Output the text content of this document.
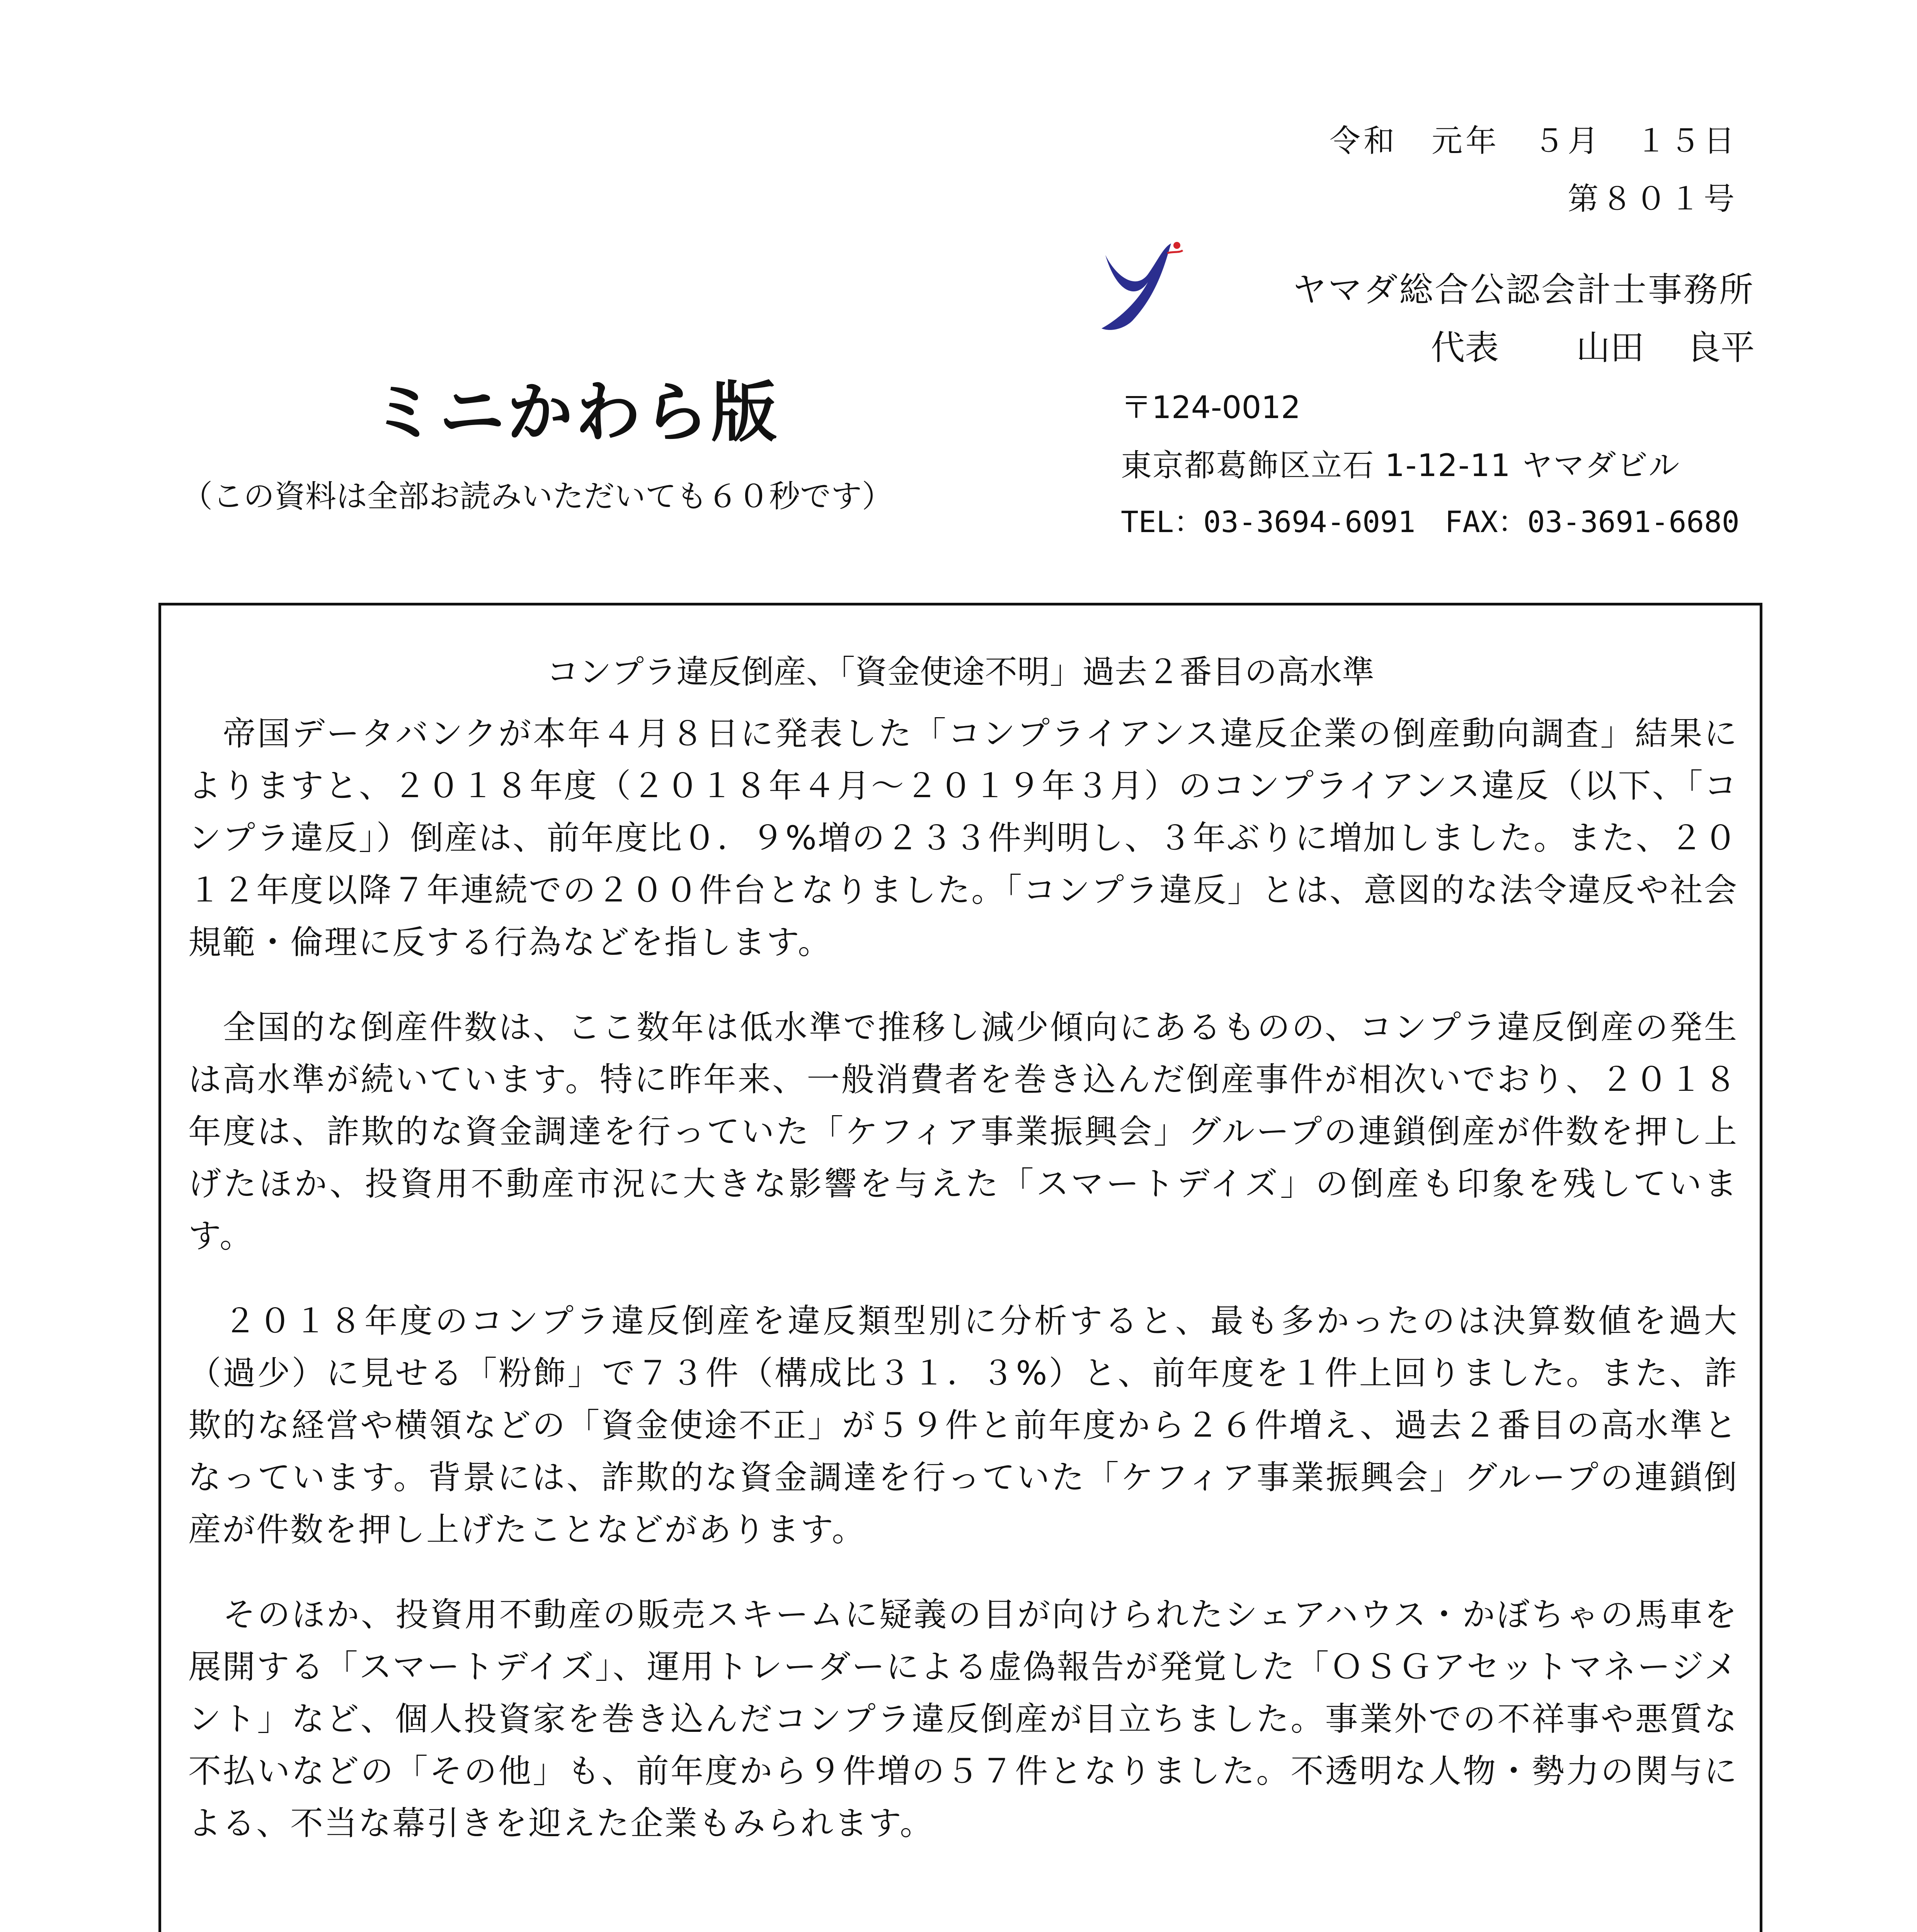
令和　元年　５月　１５日
第８０１号
ヤマダ総合公認会計士事務所
代表 山田 良平
ミニかわら版
（この資料は全部お読みいただいても６０秒です）
〒124-0012
東京都葛飾区立石 1-12-11 ヤマダビル
TEL：03-3694-6091　FAX：03-3691-6680
コンプラ違反倒産、「資金使途不明」過去２番目の高水準
　帝国データバンクが本年４月８日に発表した「コンプライアンス違反企業の倒産動向調査」結果によりますと、２０１８年度（２０１８年４月～２０１９年３月）のコンプライアンス違反（以下、「コンプラ違反」）倒産は、前年度比０．９%増の２３３件判明し、３年ぶりに増加しました。また、２０１２年度以降７年連続での２００件台となりました。「コンプラ違反」とは、意図的な法令違反や社会規範・倫理に反する行為などを指します。
　全国的な倒産件数は、ここ数年は低水準で推移し減少傾向にあるものの、コンプラ違反倒産の発生は高水準が続いています。特に昨年来、一般消費者を巻き込んだ倒産事件が相次いでおり、２０１８年度は、詐欺的な資金調達を行っていた「ケフィア事業振興会」グループの連鎖倒産が件数を押し上げたほか、投資用不動産市況に大きな影響を与えた「スマートデイズ」の倒産も印象を残しています。
　２０１８年度のコンプラ違反倒産を違反類型別に分析すると、最も多かったのは決算数値を過大（過少）に見せる「粉飾」で７３件（構成比３１．３%）と、前年度を１件上回りました。また、詐欺的な経営や横領などの「資金使途不正」が５９件と前年度から２６件増え、過去２番目の高水準となっています。背景には、詐欺的な資金調達を行っていた「ケフィア事業振興会」グループの連鎖倒産が件数を押し上げたことなどがあります。
　そのほか、投資用不動産の販売スキームに疑義の目が向けられたシェアハウス・かぼちゃの馬車を展開する「スマートデイズ」、運用トレーダーによる虚偽報告が発覚した「ＯＳＧアセットマネージメント」など、個人投資家を巻き込んだコンプラ違反倒産が目立ちました。事業外での不祥事や悪質な不払いなどの「その他」も、前年度から９件増の５７件となりました。不透明な人物・勢力の関与による、不当な幕引きを迎えた企業もみられます。
